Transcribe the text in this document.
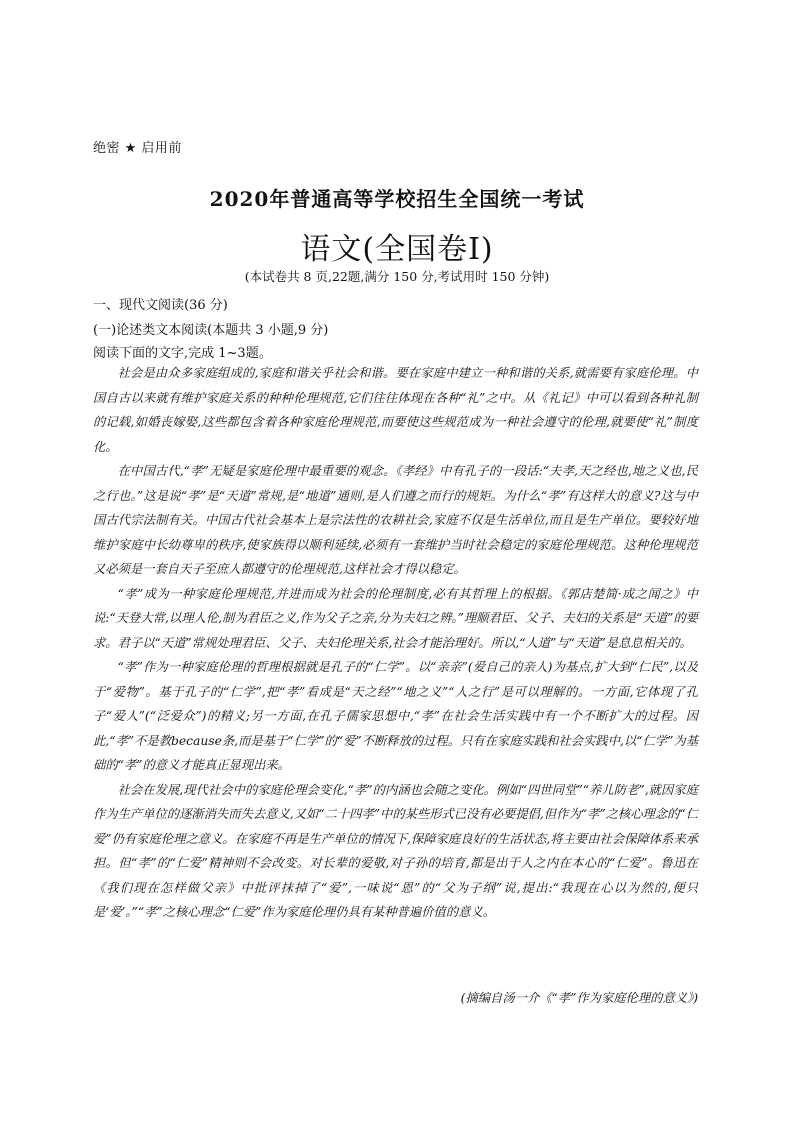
绝密 ★ 启用前
2020年普通高等学校招生全国统一考试
语文(全国卷Ⅰ)
(本试卷共 8 页,22题,满分 150 分,考试用时 150 分钟)
一、现代文阅读(36 分)
(一)论述类文本阅读(本题共 3 小题,9 分)
阅读下面的文字,完成 1~3题。

社会是由众多家庭组成的,家庭和谐关乎社会和谐。要在家庭中建立一种和谐的关系,就需要有家庭伦理。中国自古以来就有维护家庭关系的种种伦理规范,它们往往体现在各种“礼”之中。从《礼记》中可以看到各种礼制的记载,如婚丧嫁娶,这些都包含着各种家庭伦理规范,而要使这些规范成为一种社会遵守的伦理,就要使“礼”制度化。

在中国古代,“孝”无疑是家庭伦理中最重要的观念。《孝经》中有孔子的一段话:“夫孝,天之经也,地之义也,民之行也。”这是说“孝”是“天道”常规,是“地道”通则,是人们遵之而行的规矩。为什么“孝”有这样大的意义?这与中国古代宗法制有关。中国古代社会基本上是宗法性的农耕社会,家庭不仅是生活单位,而且是生产单位。要较好地维护家庭中长幼尊卑的秩序,使家族得以顺利延续,必须有一套维护当时社会稳定的家庭伦理规范。这种伦理规范又必须是一套自天子至庶人都遵守的伦理规范,这样社会才得以稳定。

“孝”成为一种家庭伦理规范,并进而成为社会的伦理制度,必有其哲理上的根据。《郭店楚简·成之闻之》中说:“天登大常,以理人伦,制为君臣之义,作为父子之亲,分为夫妇之辨。”理顺君臣、父子、夫妇的关系是“天道”的要求。君子以“天道”常规处理君臣、父子、夫妇伦理关系,社会才能治理好。所以,“人道”与“天道”是息息相关的。

“孝”作为一种家庭伦理的哲理根据就是孔子的“仁学”。以“亲亲”(爱自己的亲人)为基点,扩大到“仁民”,以及于“爱物”。基于孔子的“仁学”,把“孝”看成是“天之经”“地之义”“人之行”是可以理解的。一方面,它体现了孔子“爱人”(“泛爱众”)的精义;另一方面,在孔子儒家思想中,“孝”在社会生活实践中有一个不断扩大的过程。因此,“孝”不是教because条,而是基于“仁学”的“爱”不断释放的过程。只有在家庭实践和社会实践中,以“仁学”为基础的“孝”的意义才能真正显现出来。

社会在发展,现代社会中的家庭伦理会变化,“孝”的内涵也会随之变化。例如“四世同堂”“养儿防老”,就因家庭作为生产单位的逐渐消失而失去意义,又如“二十四孝”中的某些形式已没有必要提倡,但作为“孝”之核心理念的“仁爱”仍有家庭伦理之意义。在家庭不再是生产单位的情况下,保障家庭良好的生活状态,将主要由社会保障体系来承担。但“孝”的“仁爱”精神则不会改变。对长辈的爱敬,对子孙的培育,都是出于人之内在本心的“仁爱”。鲁迅在《我们现在怎样做父亲》中批评抹掉了“爱”,一味说“恩”的“父为子纲”说,提出:“我现在心以为然的,便只是‘爱’。”“孝”之核心理念“仁爱”作为家庭伦理仍具有某种普遍价值的意义。

(摘编自汤一介《“孝”作为家庭伦理的意义》)
